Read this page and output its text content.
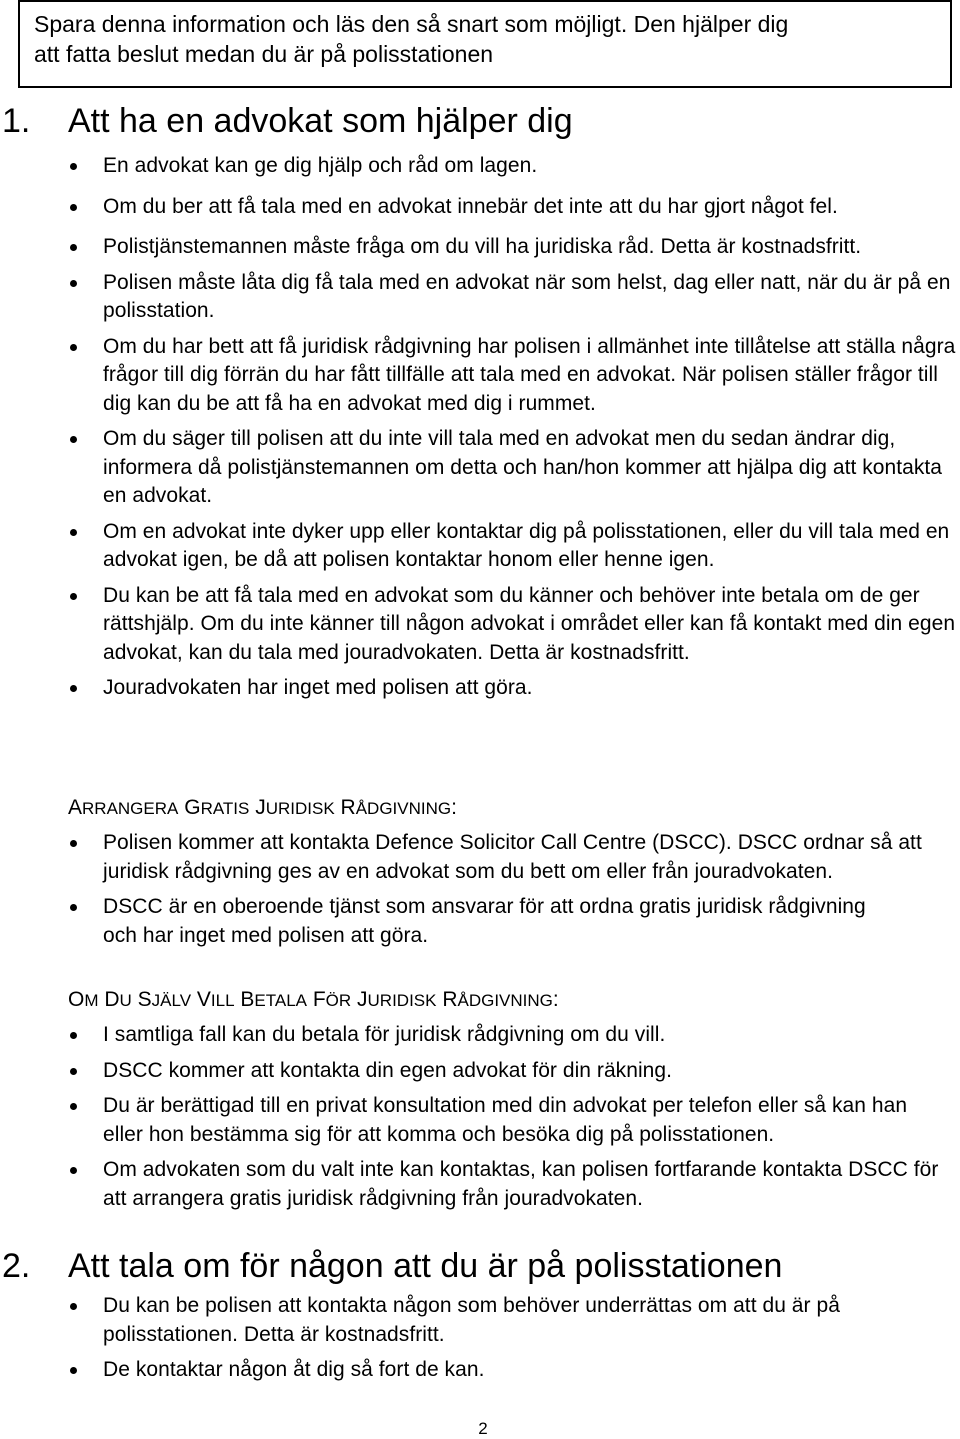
Spara denna information och läs den så snart som möjligt. Den hjälper dig
att fatta beslut medan du är på polisstationen
1. Att ha en advokat som hjälper dig
En advokat kan ge dig hjälp och råd om lagen.
Om du ber att få tala med en advokat innebär det inte att du har gjort något fel.
Polistjänstemannen måste fråga om du vill ha juridiska råd. Detta är kostnadsfritt.
Polisen måste låta dig få tala med en advokat när som helst, dag eller natt, när du är på en polisstation.
Om du har bett att få juridisk rådgivning har polisen i allmänhet inte tillåtelse att ställa några frågor till dig förrän du har fått tillfälle att tala med en advokat. När polisen ställer frågor till dig kan du be att få ha en advokat med dig i rummet.
Om du säger till polisen att du inte vill tala med en advokat men du sedan ändrar dig, informera då polistjänstemannen om detta och han/hon kommer att hjälpa dig att kontakta en advokat.
Om en advokat inte dyker upp eller kontaktar dig på polisstationen, eller du vill tala med en advokat igen, be då att polisen kontaktar honom eller henne igen.
Du kan be att få tala med en advokat som du känner och behöver inte betala om de ger rättshjälp. Om du inte känner till någon advokat i området eller kan få kontakt med din egen advokat, kan du tala med jouradvokaten. Detta är kostnadsfritt.
Jouradvokaten har inget med polisen att göra.
ARRANGERA GRATIS JURIDISK RÅDGIVNING:
Polisen kommer att kontakta Defence Solicitor Call Centre (DSCC). DSCC ordnar så att juridisk rådgivning ges av en advokat som du bett om eller från jouradvokaten.
DSCC är en oberoende tjänst som ansvarar för att ordna gratis juridisk rådgivning och har inget med polisen att göra.
OM DU SJÄLV VILL BETALA FÖR JURIDISK RÅDGIVNING:
I samtliga fall kan du betala för juridisk rådgivning om du vill.
DSCC kommer att kontakta din egen advokat för din räkning.
Du är berättigad till en privat konsultation med din advokat per telefon eller så kan han eller hon bestämma sig för att komma och besöka dig på polisstationen.
Om advokaten som du valt inte kan kontaktas, kan polisen fortfarande kontakta DSCC för att arrangera gratis juridisk rådgivning från jouradvokaten.
2. Att tala om för någon att du är på polisstationen
Du kan be polisen att kontakta någon som behöver underrättas om att du är på polisstationen. Detta är kostnadsfritt.
De kontaktar någon åt dig så fort de kan.
2
